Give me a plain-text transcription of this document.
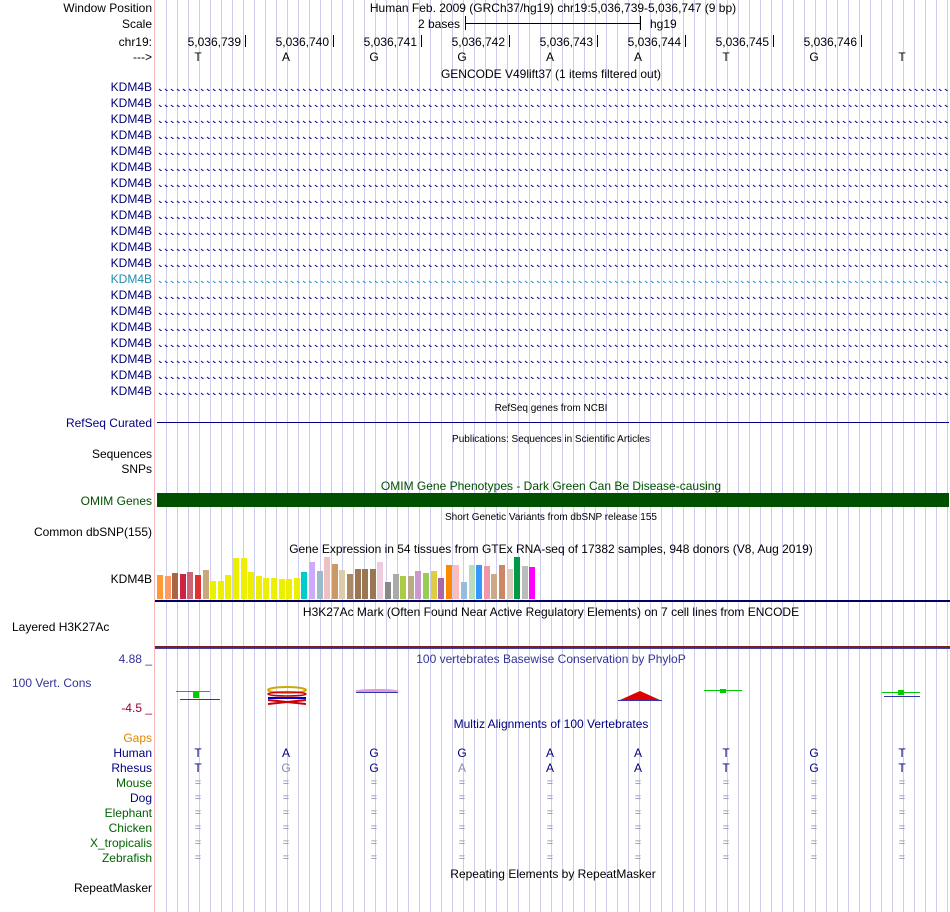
Window Position	Human Feb. 2009 (GRCh37/hg19) chr19:5,036,739-5,036,747 (9 bp)
Scale	2 bases	hg19
chr19:	5,036,739	5,036,740	5,036,741	5,036,742	5,036,743	5,036,744	5,036,745	5,036,746
--->	T	A	G	G	A	A	T	G	T
GENCODE V49lift37 (1 items filtered out)
KDM4B
KDM4B
KDM4B
KDM4B
KDM4B
KDM4B
KDM4B
KDM4B
KDM4B
KDM4B
KDM4B
KDM4B
KDM4B
KDM4B
KDM4B
KDM4B
KDM4B
KDM4B
KDM4B
KDM4B
RefSeq genes from NCBI
RefSeq Curated
Publications: Sequences in Scientific Articles
Sequences
SNPs
OMIM Gene Phenotypes - Dark Green Can Be Disease-causing
OMIM Genes
Short Genetic Variants from dbSNP release 155
Common dbSNP(155)
Gene Expression in 54 tissues from GTEx RNA-seq of 17382 samples, 948 donors (V8, Aug 2019)
KDM4B
H3K27Ac Mark (Often Found Near Active Regulatory Elements) on 7 cell lines from ENCODE
Layered H3K27Ac
100 vertebrates Basewise Conservation by PhyloP
4.88 _
100 Vert. Cons
-4.5 _
Multiz Alignments of 100 Vertebrates
Gaps
Human	T	A	G	G	A	A	T	G	T
Rhesus	T	G	G	A	A	A	T	G	T
Mouse	=	=	=	=	=	=	=	=	=
Dog	=	=	=	=	=	=	=	=	=
Elephant	=	=	=	=	=	=	=	=	=
Chicken	=	=	=	=	=	=	=	=	=
X_tropicalis	=	=	=	=	=	=	=	=	=
Zebrafish	=	=	=	=	=	=	=	=	=
Repeating Elements by RepeatMasker
RepeatMasker
